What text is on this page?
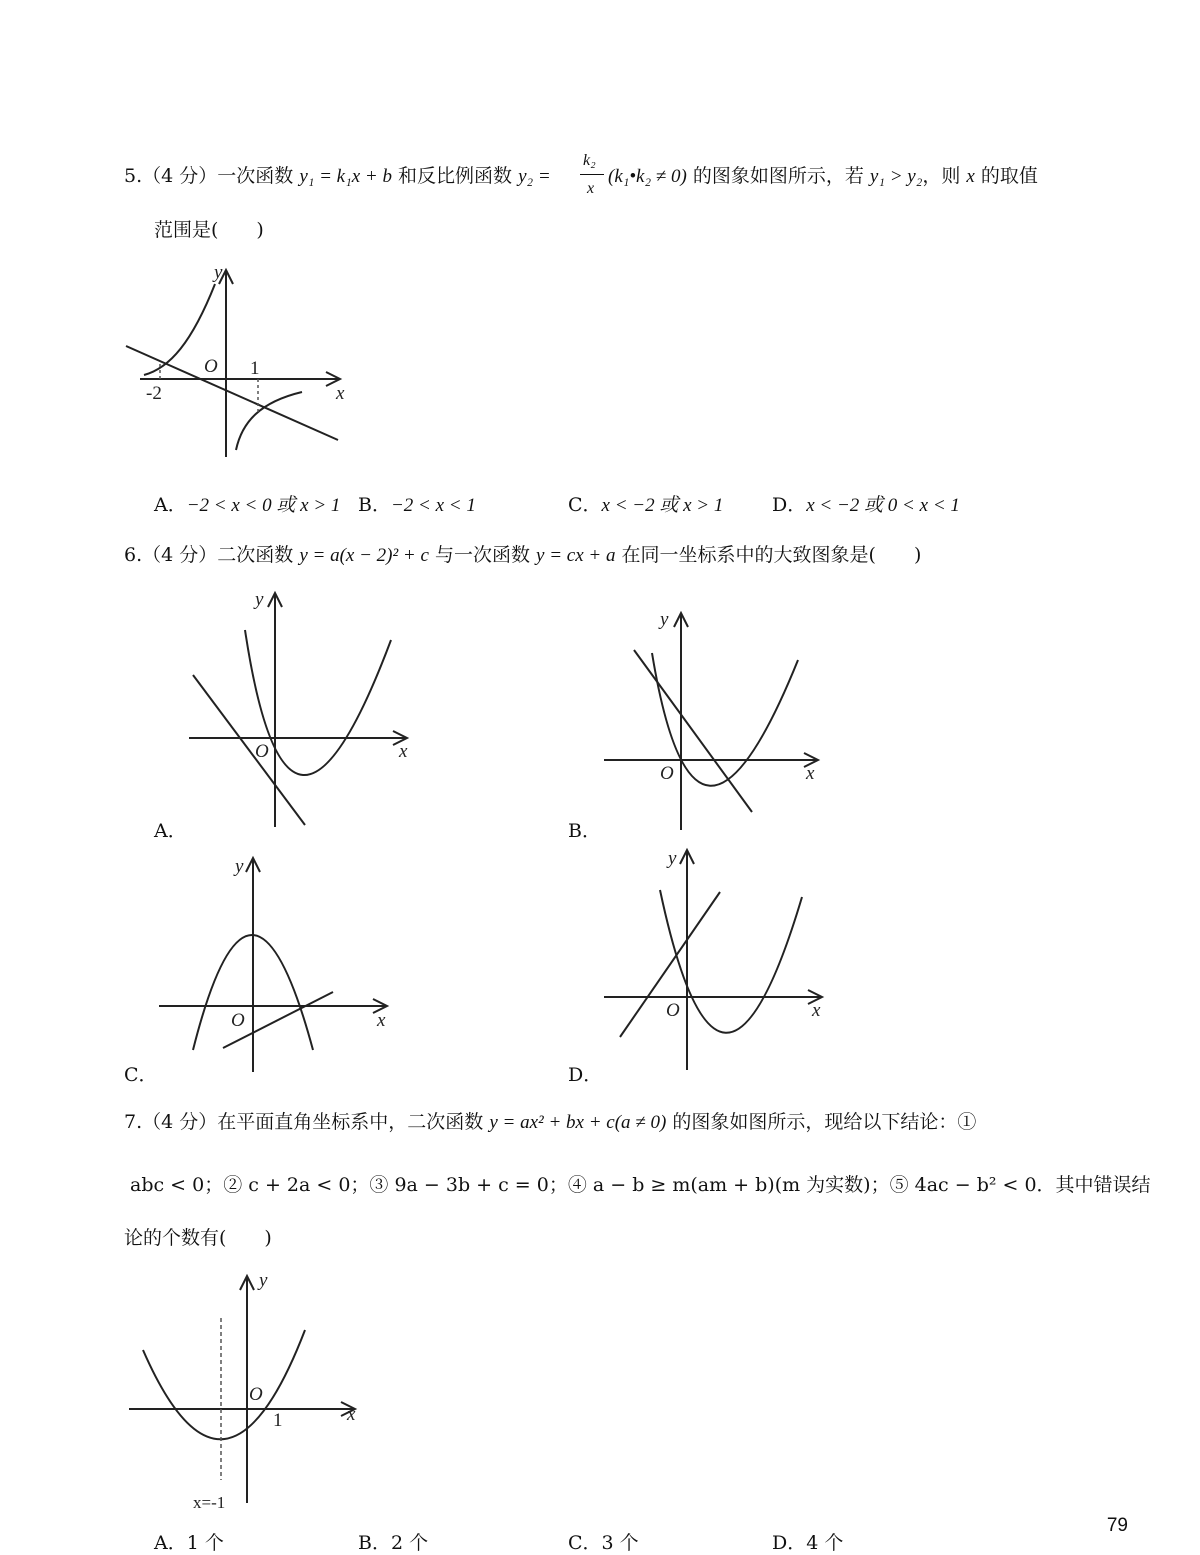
5.（4 分）一次函数 y₁ = k₁x + b 和反比例函数 y₂ =
k₂
x
(k₁•k₂ ≠ 0) 的图象如图所示，若 y₁ > y₂，则 x 的取值
范围是(　　)
y
O 1
-2	x
A．−2 < x < 0 或 x > 1 B．−2 < x < 1	C．x < −2 或 x > 1	D．x < −2 或 0 < x < 1
6.（4 分）二次函数 y = a(x − 2)² + c 与一次函数 y = cx + a 在同一坐标系中的大致图象是(　　)
y
O	x
A．
y
O	x
B．
y
O	x
C．
y
O	x
D．
7.（4 分）在平面直角坐标系中，二次函数 y = ax² + bx + c(a ≠ 0) 的图象如图所示，现给以下结论：①
abc < 0；② c + 2a < 0；③ 9a − 3b + c = 0；④ a − b ≥ m(am + b)(m 为实数)；⑤ 4ac − b² < 0．其中错误结
论的个数有(　　)
y
O
1	x
x=-1
A．1 个	B．2 个	C．3 个	D．4 个
79
